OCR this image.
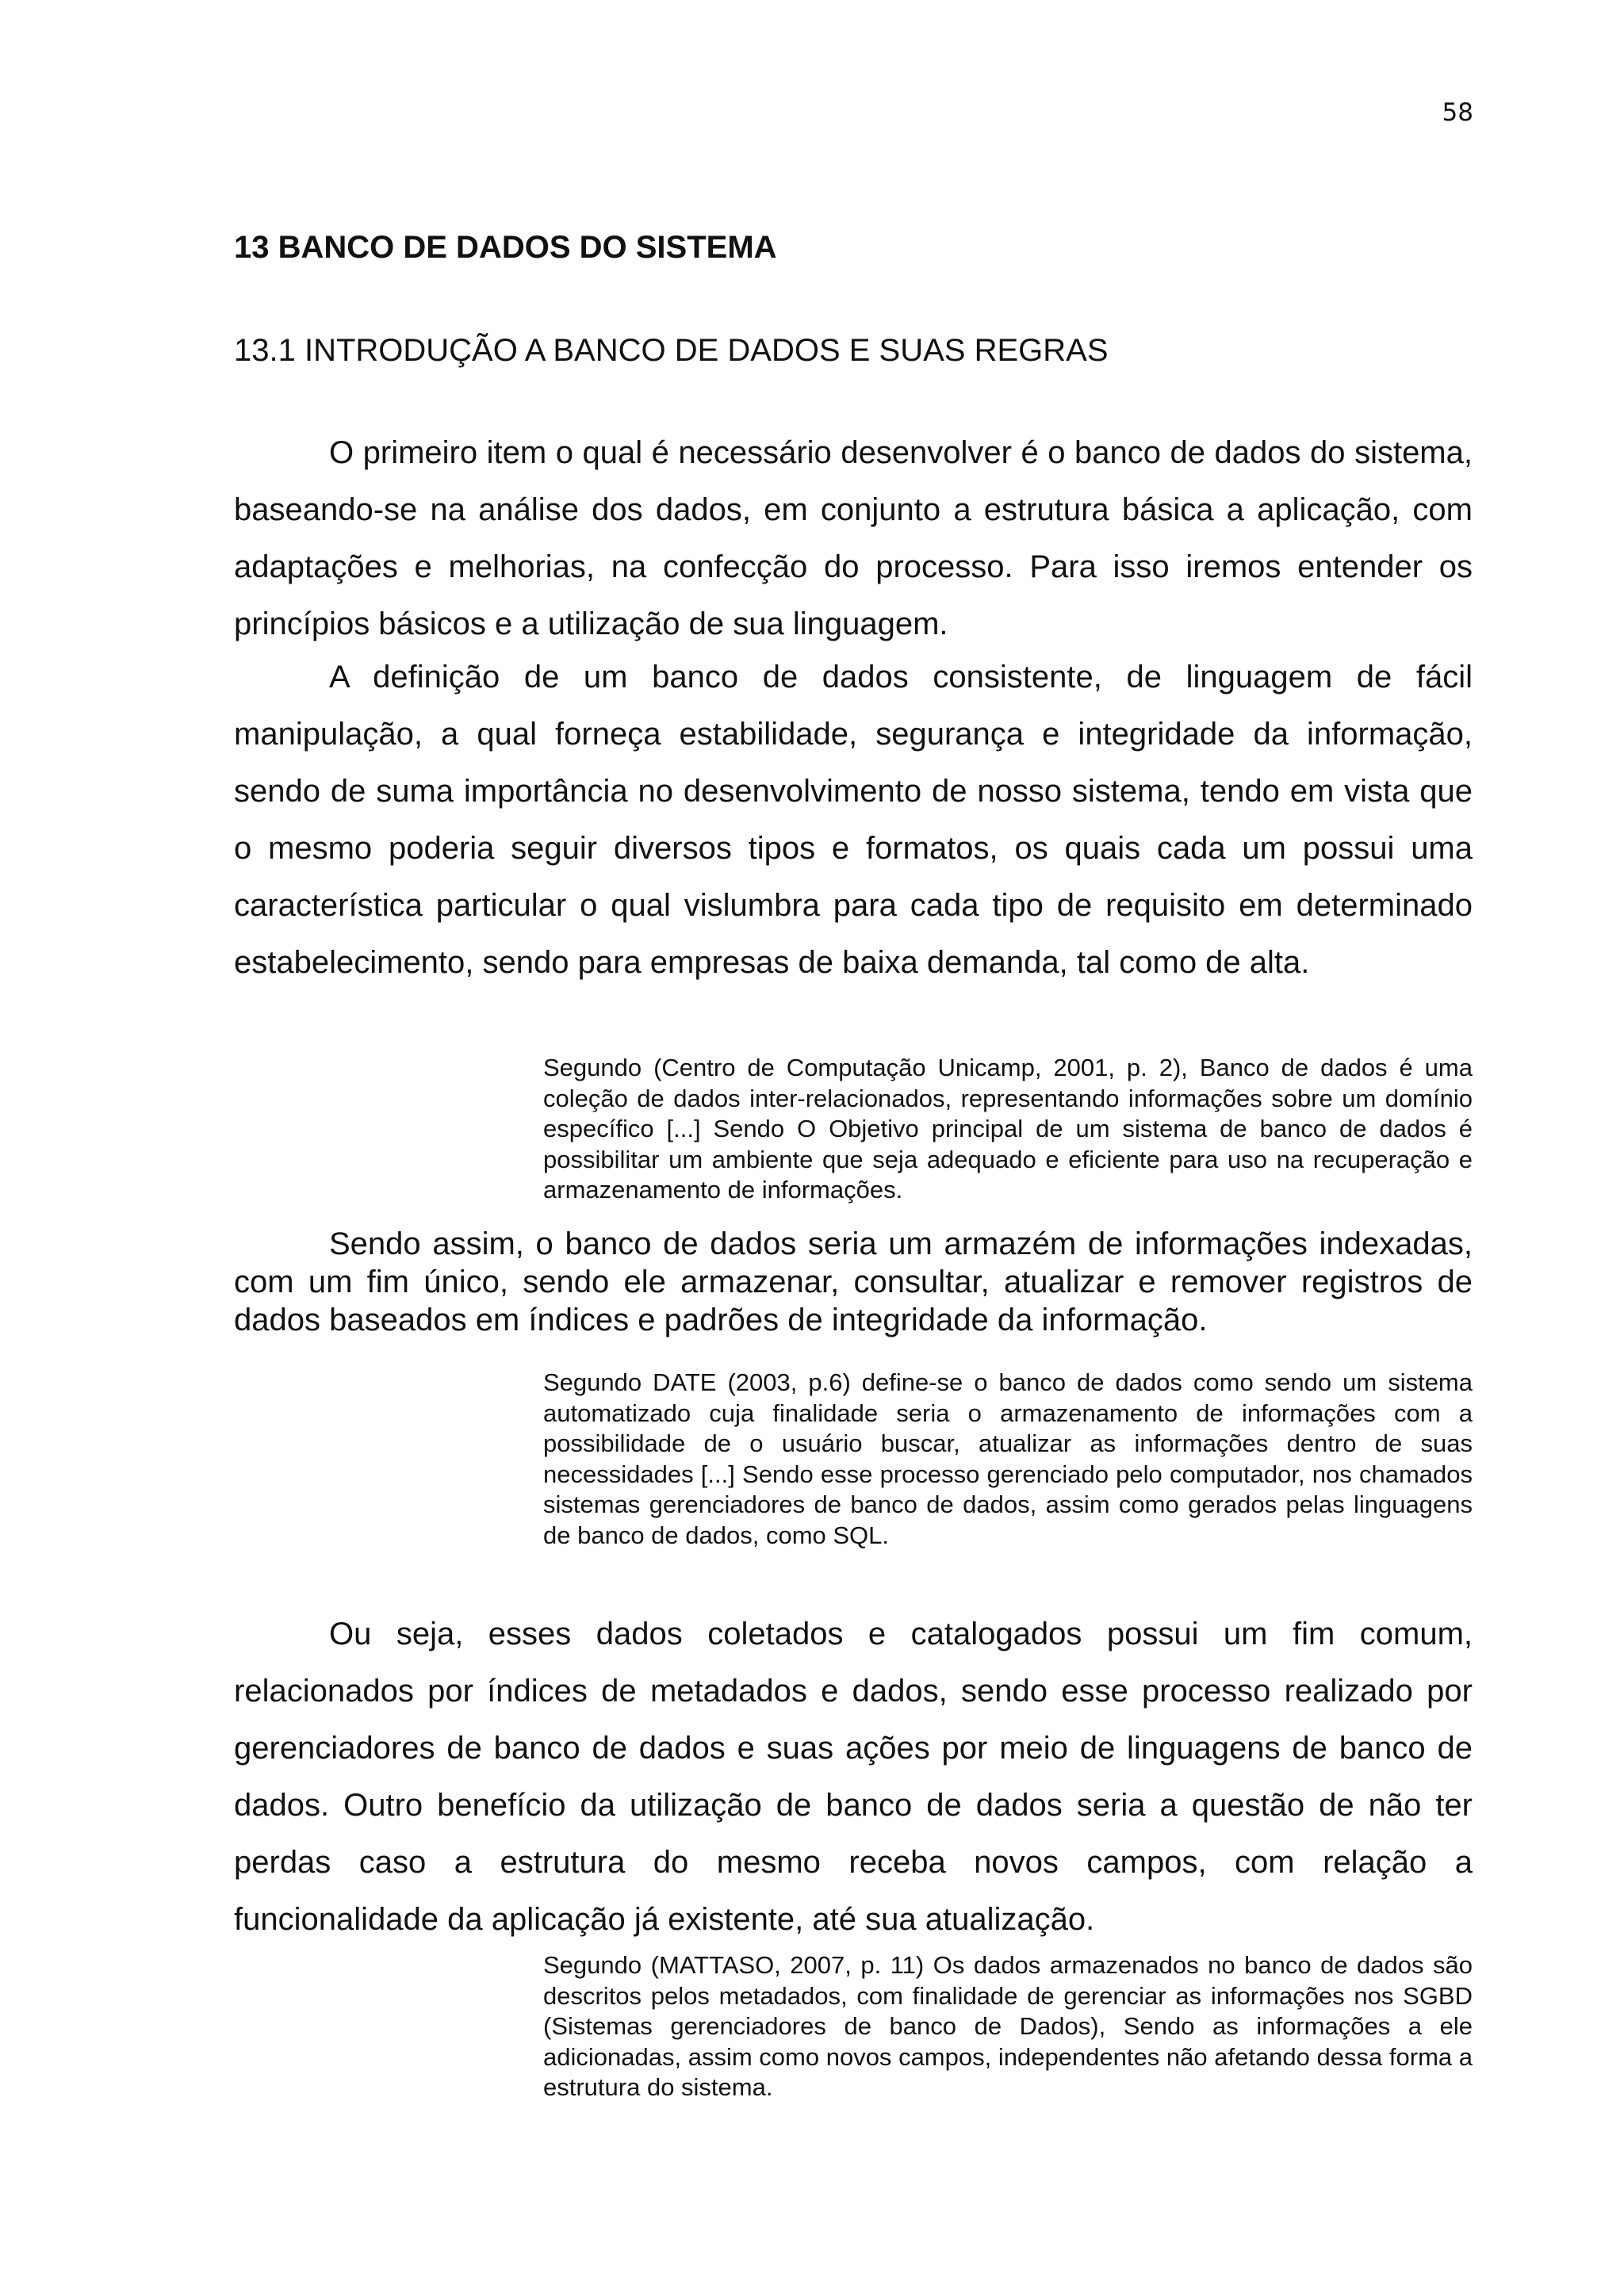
58
13 BANCO DE DADOS DO SISTEMA
13.1 INTRODUÇÃO A BANCO DE DADOS E SUAS REGRAS

O primeiro item o qual é necessário desenvolver é o banco de dados do sistema, baseando-se na análise dos dados, em conjunto a estrutura básica a aplicação, com adaptações e melhorias, na confecção do processo. Para isso iremos entender os princípios básicos e a utilização de sua linguagem.

A definição de um banco de dados consistente, de linguagem de fácil manipulação, a qual forneça estabilidade, segurança e integridade da informação, sendo de suma importância no desenvolvimento de nosso sistema, tendo em vista que o mesmo poderia seguir diversos tipos e formatos, os quais cada um possui uma característica particular o qual vislumbra para cada tipo de requisito em determinado estabelecimento, sendo para empresas de baixa demanda, tal como de alta.

Segundo (Centro de Computação Unicamp, 2001, p. 2), Banco de dados é uma coleção de dados inter-relacionados, representando informações sobre um domínio específico [...] Sendo O Objetivo principal de um sistema de banco de dados é possibilitar um ambiente que seja adequado e eficiente para uso na recuperação e armazenamento de informações.

Sendo assim, o banco de dados seria um armazém de informações indexadas, com um fim único, sendo ele armazenar, consultar, atualizar e remover registros de dados baseados em índices e padrões de integridade da informação.

Segundo DATE (2003, p.6) define-se o banco de dados como sendo um sistema automatizado cuja finalidade seria o armazenamento de informações com a possibilidade de o usuário buscar, atualizar as informações dentro de suas necessidades [...] Sendo esse processo gerenciado pelo computador, nos chamados sistemas gerenciadores de banco de dados, assim como gerados pelas linguagens de banco de dados, como SQL.

Ou seja, esses dados coletados e catalogados possui um fim comum, relacionados por índices de metadados e dados, sendo esse processo realizado por gerenciadores de banco de dados e suas ações por meio de linguagens de banco de dados. Outro benefício da utilização de banco de dados seria a questão de não ter perdas caso a estrutura do mesmo receba novos campos, com relação a funcionalidade da aplicação já existente, até sua atualização.

Segundo (MATTASO, 2007, p. 11) Os dados armazenados no banco de dados são descritos pelos metadados, com finalidade de gerenciar as informações nos SGBD (Sistemas gerenciadores de banco de Dados), Sendo as informações a ele adicionadas, assim como novos campos, independentes não afetando dessa forma a estrutura do sistema.
